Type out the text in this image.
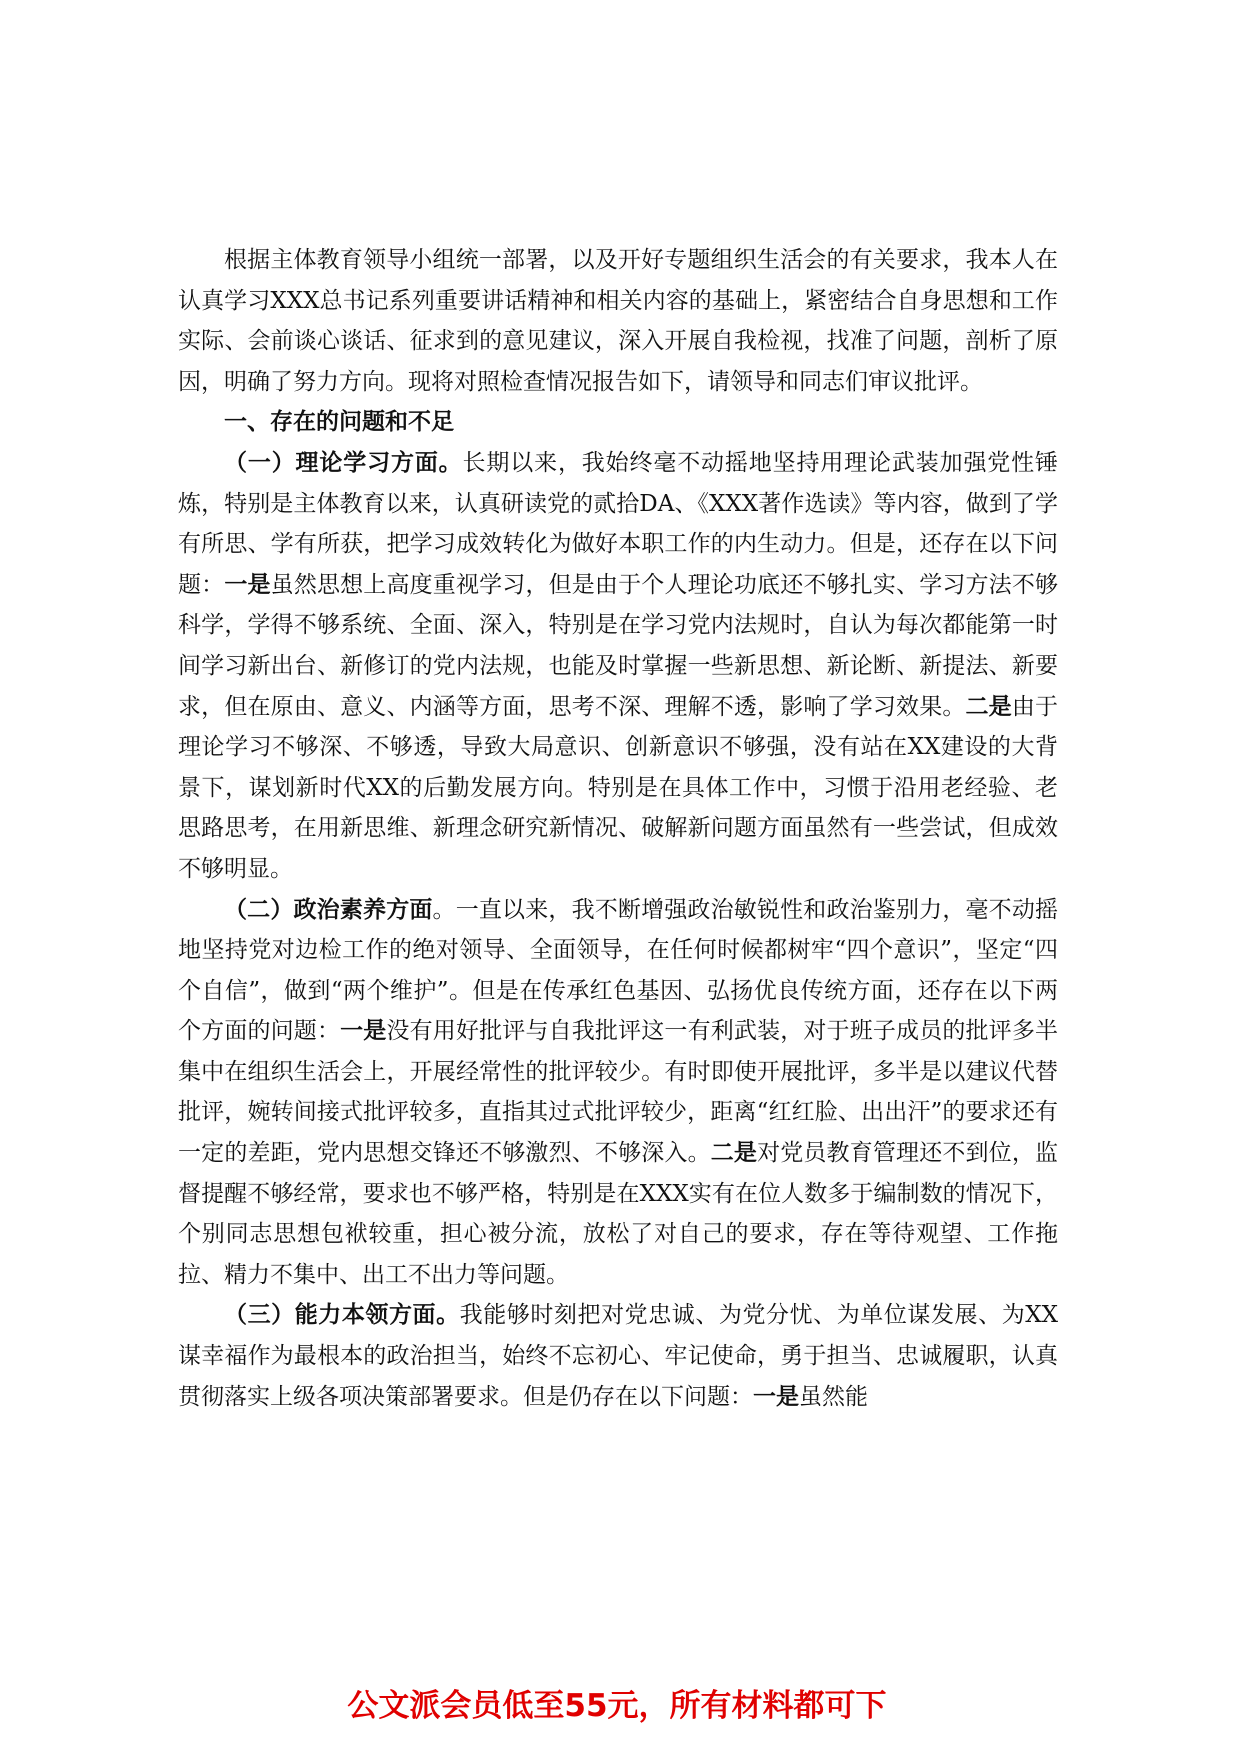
根据主体教育领导小组统一部署，以及开好专题组织生活会的有关要求，我本人在认真学习XXX总书记系列重要讲话精神和相关内容的基础上，紧密结合自身思想和工作实际、会前谈心谈话、征求到的意见建议，深入开展自我检视，找准了问题，剖析了原因，明确了努力方向。现将对照检查情况报告如下，请领导和同志们审议批评。

一、存在的问题和不足

（一）理论学习方面。长期以来，我始终毫不动摇地坚持用理论武装加强党性锤炼，特别是主体教育以来，认真研读党的贰拾DA、《XXX著作选读》等内容，做到了学有所思、学有所获，把学习成效转化为做好本职工作的内生动力。但是，还存在以下问题：一是虽然思想上高度重视学习，但是由于个人理论功底还不够扎实、学习方法不够科学，学得不够系统、全面、深入，特别是在学习党内法规时，自认为每次都能第一时间学习新出台、新修订的党内法规，也能及时掌握一些新思想、新论断、新提法、新要求，但在原由、意义、内涵等方面，思考不深、理解不透，影响了学习效果。二是由于理论学习不够深、不够透，导致大局意识、创新意识不够强，没有站在XX建设的大背景下，谋划新时代XX的后勤发展方向。特别是在具体工作中，习惯于沿用老经验、老思路思考，在用新思维、新理念研究新情况、破解新问题方面虽然有一些尝试，但成效不够明显。

（二）政治素养方面。一直以来，我不断增强政治敏锐性和政治鉴别力，毫不动摇地坚持党对边检工作的绝对领导、全面领导，在任何时候都树牢“四个意识”，坚定“四个自信”，做到“两个维护”。但是在传承红色基因、弘扬优良传统方面，还存在以下两个方面的问题：一是没有用好批评与自我批评这一有利武装，对于班子成员的批评多半集中在组织生活会上，开展经常性的批评较少。有时即使开展批评，多半是以建议代替批评，婉转间接式批评较多，直指其过式批评较少，距离“红红脸、出出汗”的要求还有一定的差距，党内思想交锋还不够激烈、不够深入。二是对党员教育管理还不到位，监督提醒不够经常，要求也不够严格，特别是在XXX实有在位人数多于编制数的情况下，个别同志思想包袱较重，担心被分流，放松了对自己的要求，存在等待观望、工作拖拉、精力不集中、出工不出力等问题。

（三）能力本领方面。我能够时刻把对党忠诚、为党分忧、为单位谋发展、为XX谋幸福作为最根本的政治担当，始终不忘初心、牢记使命，勇于担当、忠诚履职，认真贯彻落实上级各项决策部署要求。但是仍存在以下问题：一是虽然能

公文派会员低至55元，所有材料都可下
